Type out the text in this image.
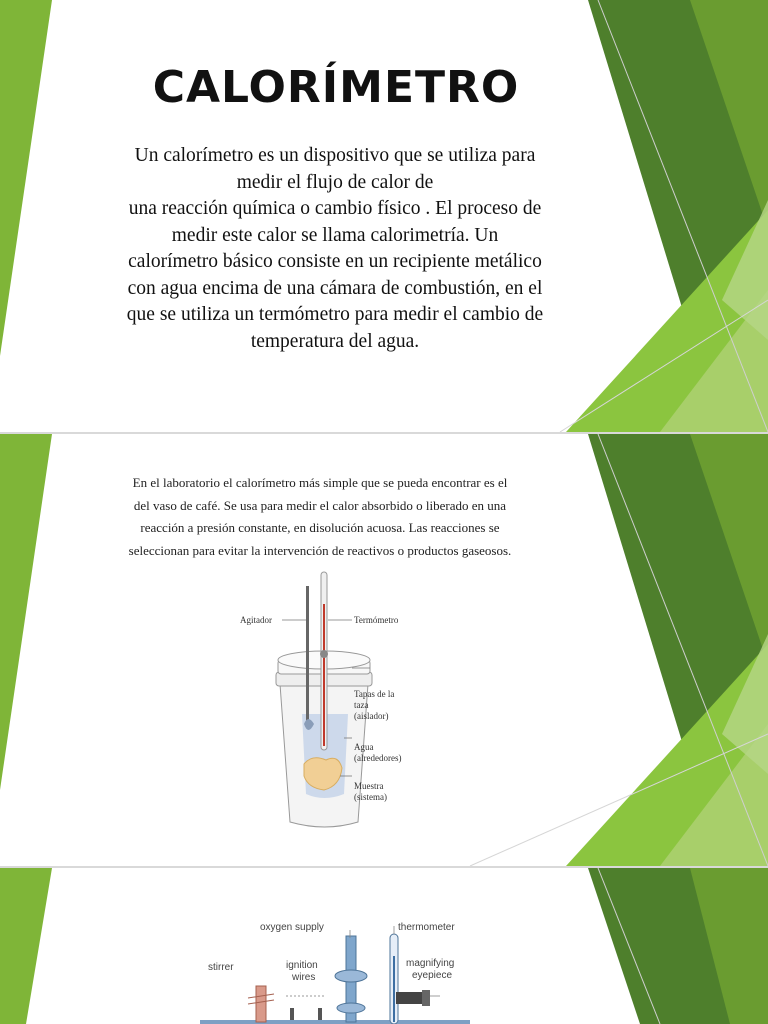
CALORÍMETRO

Un calorímetro es un dispositivo que se utiliza para

medir el flujo de calor de

una reacción química o cambio físico . El proceso de

medir este calor se llama calorimetría. Un

calorímetro básico consiste en un recipiente metálico

con agua encima de una cámara de combustión, en el

que se utiliza un termómetro para medir el cambio de

temperatura del agua.

En el laboratorio el calorímetro más simple que se pueda encontrar es el

del vaso de café. Se usa para medir el calor absorbido o liberado en una

reacción a presión constante, en disolución acuosa. Las reacciones se

seleccionan para evitar la intervención de reactivos o productos gaseosos.

Agitador	Termómetro
Tapas de la
taza
(aislador)
Agua
(alrededores)
Muestra
(sistema)
oxygen supply	thermometer
stirrer	ignition
wires
magnifying
eyepiece
